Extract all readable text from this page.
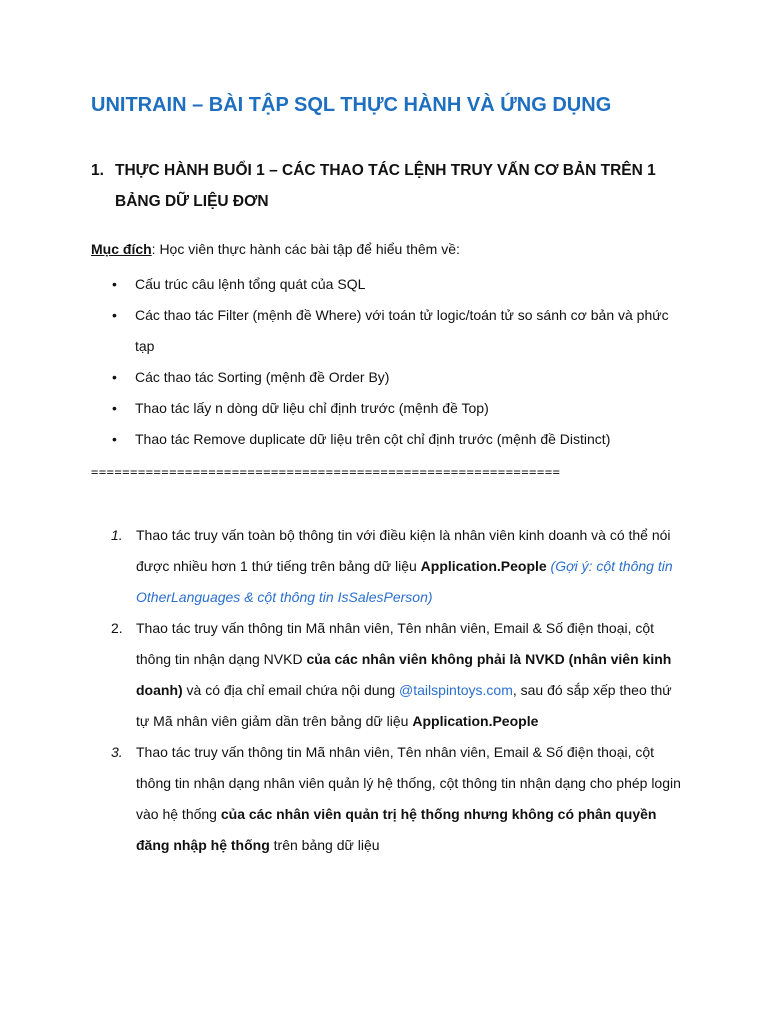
UNITRAIN – BÀI TẬP SQL THỰC HÀNH VÀ ỨNG DỤNG
1. THỰC HÀNH BUỔI 1 – CÁC THAO TÁC LỆNH TRUY VẤN CƠ BẢN TRÊN 1 BẢNG DỮ LIỆU ĐƠN
Mục đích: Học viên thực hành các bài tập để hiểu thêm về:
• Cấu trúc câu lệnh tổng quát của SQL
• Các thao tác Filter (mệnh đề Where) với toán tử logic/toán tử so sánh cơ bản và phức tạp
• Các thao tác Sorting (mệnh đề Order By)
• Thao tác lấy n dòng dữ liệu chỉ định trước (mệnh đề Top)
• Thao tác Remove duplicate dữ liệu trên cột chỉ định trước (mệnh đề Distinct)
============================================================
1. Thao tác truy vấn toàn bộ thông tin với điều kiện là nhân viên kinh doanh và có thể nói được nhiều hơn 1 thứ tiếng trên bảng dữ liệu Application.People (Gợi ý: cột thông tin OtherLanguages & cột thông tin IsSalesPerson)
2. Thao tác truy vấn thông tin Mã nhân viên, Tên nhân viên, Email & Số điện thoại, cột thông tin nhận dạng NVKD của các nhân viên không phải là NVKD (nhân viên kinh doanh) và có địa chỉ email chứa nội dung @tailspintoys.com, sau đó sắp xếp theo thứ tự Mã nhân viên giảm dần trên bảng dữ liệu Application.People
3. Thao tác truy vấn thông tin Mã nhân viên, Tên nhân viên, Email & Số điện thoại, cột thông tin nhận dạng nhân viên quản lý hệ thống, cột thông tin nhận dạng cho phép login vào hệ thống của các nhân viên quản trị hệ thống nhưng không có phân quyền đăng nhập hệ thống trên bảng dữ liệu
